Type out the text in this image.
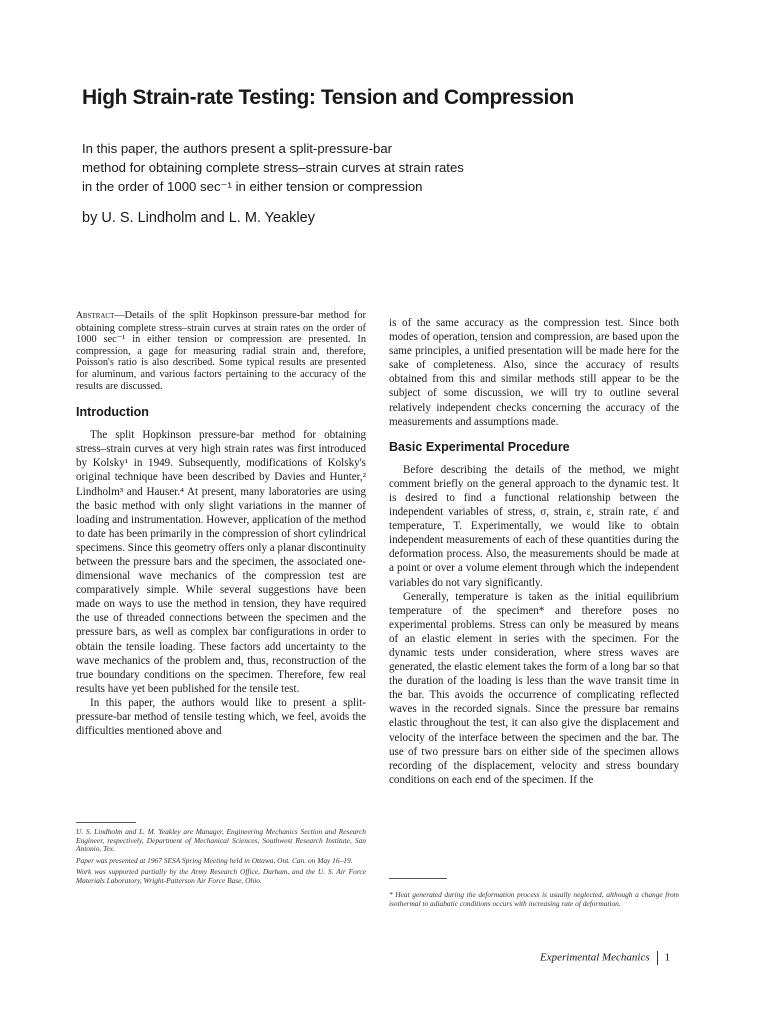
High Strain-rate Testing: Tension and Compression
In this paper, the authors present a split-pressure-bar
method for obtaining complete stress–strain curves at strain rates
in the order of 1000 sec⁻¹ in either tension or compression
by U. S. Lindholm and L. M. Yeakley

Abstract—Details of the split Hopkinson pressure-bar method for obtaining complete stress–strain curves at strain rates on the order of 1000 sec⁻¹ in either tension or compression are presented. In compression, a gage for measuring radial strain and, therefore, Poisson's ratio is also described. Some typical results are presented for aluminum, and various factors pertaining to the accuracy of the results are discussed.

Introduction

The split Hopkinson pressure-bar method for obtaining stress–strain curves at very high strain rates was first introduced by Kolsky¹ in 1949. Subsequently, modifications of Kolsky's original technique have been described by Davies and Hunter,² Lindholm³ and Hauser.⁴ At present, many laboratories are using the basic method with only slight variations in the manner of loading and instrumentation. However, application of the method to date has been primarily in the compression of short cylindrical specimens. Since this geometry offers only a planar discontinuity between the pressure bars and the specimen, the associated one-dimensional wave mechanics of the compression test are comparatively simple. While several suggestions have been made on ways to use the method in tension, they have required the use of threaded connections between the specimen and the pressure bars, as well as complex bar configurations in order to obtain the tensile loading. These factors add uncertainty to the wave mechanics of the problem and, thus, reconstruction of the true boundary conditions on the specimen. Therefore, few real results have yet been published for the tensile test.

In this paper, the authors would like to present a split-pressure-bar method of tensile testing which, we feel, avoids the difficulties mentioned above and

U. S. Lindholm and L. M. Yeakley are Manager, Engineering Mechanics Section and Research Engineer, respectively, Department of Mechanical Sciences, Southwest Research Institute, San Antonio, Tex.

Paper was presented at 1967 SESA Spring Meeting held in Ottawa, Ont. Can. on May 16–19.

Work was supported partially by the Army Research Office, Durham, and the U. S. Air Force Materials Laboratory, Wright-Patterson Air Force Base, Ohio.

is of the same accuracy as the compression test. Since both modes of operation, tension and compression, are based upon the same principles, a unified presentation will be made here for the sake of completeness. Also, since the accuracy of results obtained from this and similar methods still appear to be the subject of some discussion, we will try to outline several relatively independent checks concerning the accuracy of the measurements and assumptions made.

Basic Experimental Procedure

Before describing the details of the method, we might comment briefly on the general approach to the dynamic test. It is desired to find a functional relationship between the independent variables of stress, σ, strain, ε, strain rate, ε̇ and temperature, T. Experimentally, we would like to obtain independent measurements of each of these quantities during the deformation process. Also, the measurements should be made at a point or over a volume element through which the independent variables do not vary significantly.

Generally, temperature is taken as the initial equilibrium temperature of the specimen* and therefore poses no experimental problems. Stress can only be measured by means of an elastic element in series with the specimen. For the dynamic tests under consideration, where stress waves are generated, the elastic element takes the form of a long bar so that the duration of the loading is less than the wave transit time in the bar. This avoids the occurrence of complicating reflected waves in the recorded signals. Since the pressure bar remains elastic throughout the test, it can also give the displacement and velocity of the interface between the specimen and the bar. The use of two pressure bars on either side of the specimen allows recording of the displacement, velocity and stress boundary conditions on each end of the specimen. If the

* Heat generated during the deformation process is usually neglected, although a change from isothermal to adiabatic conditions occurs with increasing rate of deformation.

Experimental Mechanics 1
